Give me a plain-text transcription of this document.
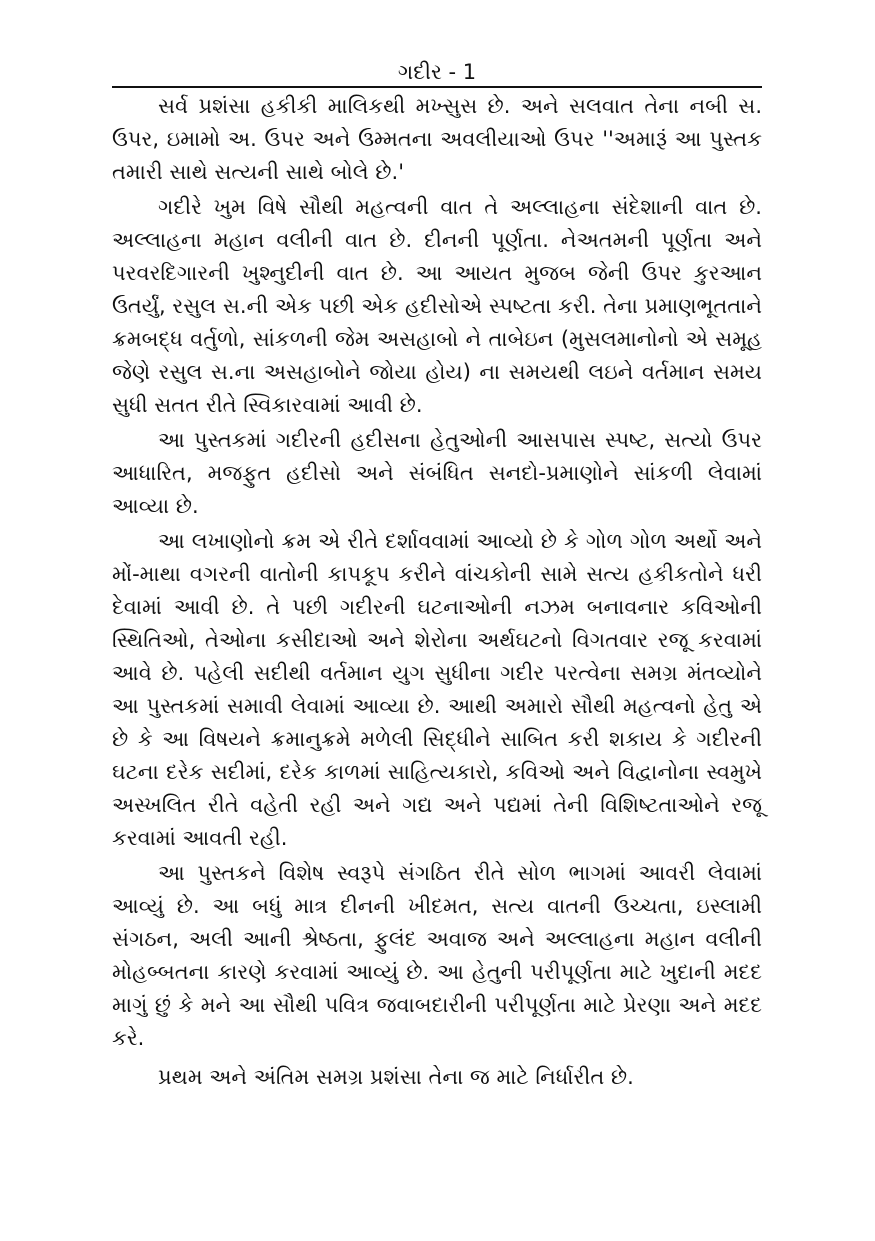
ગદીર - 1

સર્વ પ્રશંસા હકીકી માલિકથી મખ્સુસ છે. અને સલવાત તેના નબી સ. ઉપર, ઇમામો અ. ઉપર અને ઉમ્મતના અવલીયાઓ ઉપર ''અમારૂં આ પુસ્તક તમારી સાથે સત્યની સાથે બોલે છે.'

ગદીરે ખુમ વિષે સૌથી મહત્વની વાત તે અલ્લાહના સંદેશાની વાત છે. અલ્લાહના મહાન વલીની વાત છે. દીનની પૂર્ણતા. નેઅતમની પૂર્ણતા અને પરવરદિગારની ખુશ્નુદીની વાત છે. આ આયત મુજબ જેની ઉપર કુરઆન ઉતર્યું, રસુલ સ.ની એક પછી એક હદીસોએ સ્પષ્ટતા કરી. તેના પ્રમાણભૂતતાને ક્રમબદ્ધ વર્તુળો, સાંકળની જેમ અસહાબો ને તાબેઇન (મુસલમાનોનો એ સમૂહ જેણે રસુલ સ.ના અસહાબોને જોયા હોય) ના સમયથી લઇને વર્તમાન સમય સુધી સતત રીતે સ્વિકારવામાં આવી છે.

આ પુસ્તકમાં ગદીરની હદીસના હેતુઓની આસપાસ સ્પષ્ટ, સત્યો ઉપર આધારિત, મજફુત હદીસો અને સંબંધિત સનદો-પ્રમાણોને સાંકળી લેવામાં આવ્યા છે.

આ લખાણોનો ક્રમ એ રીતે દર્શાવવામાં આવ્યો છે કે ગોળ ગોળ અર્થો અને મોં-માથા વગરની વાતોની કાપકૂપ કરીને વાંચકોની સામે સત્ય હકીકતોને ધરી દેવામાં આવી છે. તે પછી ગદીરની ઘટનાઓની નઝમ બનાવનાર કવિઓની સ્થિતિઓ, તેઓના કસીદાઓ અને શેરોના અર્થઘટનો વિગતવાર રજૂ કરવામાં આવે છે. પહેલી સદીથી વર્તમાન યુગ સુધીના ગદીર પરત્વેના સમગ્ર મંતવ્યોને આ પુસ્તકમાં સમાવી લેવામાં આવ્યા છે. આથી અમારો સૌથી મહત્વનો હેતુ એ છે કે આ વિષયને ક્રમાનુક્રમે મળેલી સિદ્ધીને સાબિત કરી શકાય કે ગદીરની ઘટના દરેક સદીમાં, દરેક કાળમાં સાહિત્યકારો, કવિઓ અને વિદ્વાનોના સ્વમુખે અસ્ખલિત રીતે વહેતી રહી અને ગદ્ય અને પદ્યમાં તેની વિશિષ્ટતાઓને રજૂ કરવામાં આવતી રહી.

આ પુસ્તકને વિશેષ સ્વરૂપે સંગઠિત રીતે સોળ ભાગમાં આવરી લેવામાં આવ્યું છે. આ બધું માત્ર દીનની ખીદમત, સત્ય વાતની ઉચ્ચતા, ઇસ્લામી સંગઠન, અલી આની શ્રેષ્ઠતા, ફુલંદ અવાજ અને અલ્લાહના મહાન વલીની મોહબ્બતના કારણે કરવામાં આવ્યું છે. આ હેતુની પરીપૂર્ણતા માટે ખુદાની મદદ માગું છું કે મને આ સૌથી પવિત્ર જવાબદારીની પરીપૂર્ણતા માટે પ્રેરણા અને મદદ કરે.

પ્રથમ અને અંતિમ સમગ્ર પ્રશંસા તેના જ માટે નિર્ધારીત છે.
